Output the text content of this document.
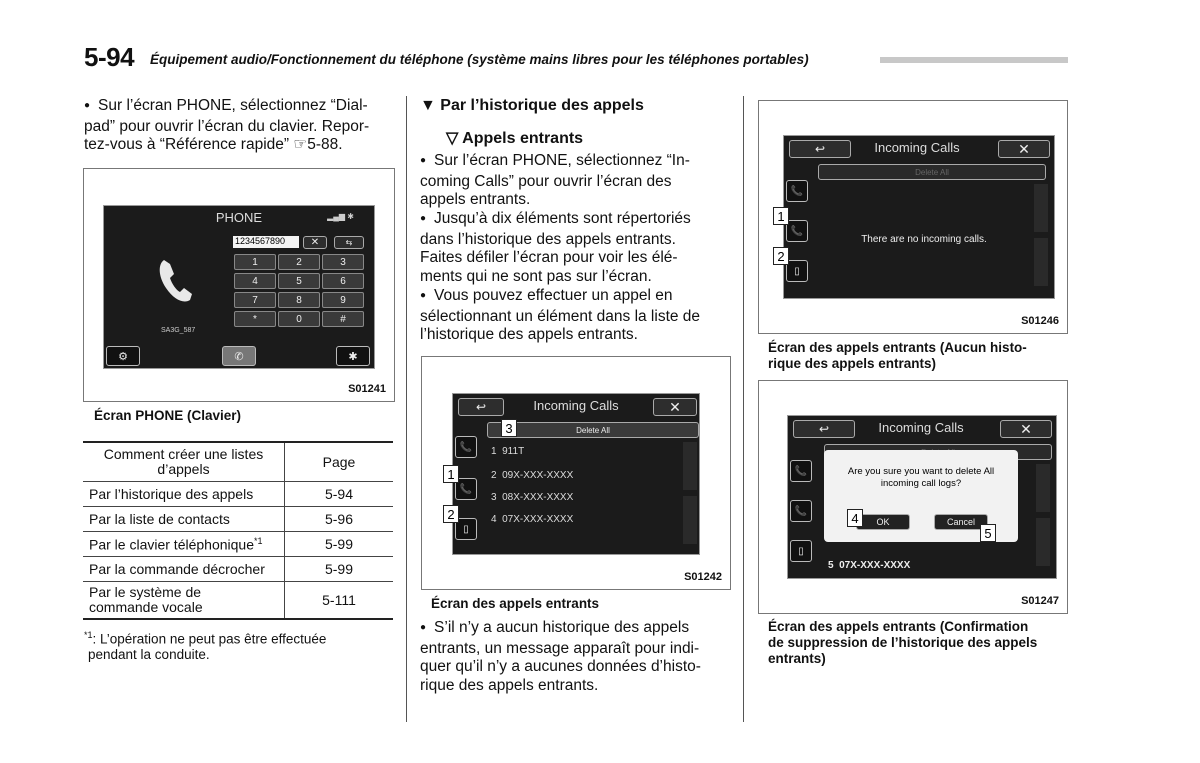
5-94 Équipement audio/Fonctionnement du téléphone (système mains libres pour les téléphones portables)
● Sur l’écran PHONE, sélectionnez “Dial-
pad” pour ouvrir l’écran du clavier. Repor-
tez-vous à “Référence rapide” ☞5-88.
PHONE	▂▄▆ ✱
SA3G_587
1234567890	✕	⇆
1	2	3
4	5	6
7	8	9
*	0	#
⚙	✆	✱
S01241
Écran PHONE (Clavier)
Comment créer une listes
d’appels	Page
Par l’historique des appels	5-94
Par la liste de contacts	5-96
Par le clavier téléphonique$^{*1}$	5-99
Par la commande décrocher	5-99

Par le système de
commande vocale	5-111
$^{*1}$: L’opération ne peut pas être effectuée
pendant la conduite.
▼ Par l’historique des appels
▽ Appels entrants
● Sur l’écran PHONE, sélectionnez “In-
coming Calls” pour ouvrir l’écran des
appels entrants.
● Jusqu’à dix éléments sont répertoriés
dans l’historique des appels entrants.
Faites défiler l’écran pour voir les élé-
ments qui ne sont pas sur l’écran.
● Vous pouvez effectuer un appel en
sélectionnant un élément dans la liste de
l’historique des appels entrants.
↩	Incoming Calls	✕
Delete All
📞
📞
▯
1 911T
2 09X-XXX-XXXX
3 08X-XXX-XXXX
4 07X-XXX-XXXX
3
1
2
S01242
Écran des appels entrants
● S’il n’y a aucun historique des appels
entrants, un message apparaît pour indi-
quer qu’il n’y a aucunes données d’histo-
rique des appels entrants.
↩	Incoming Calls	✕
Delete All
📞
📞
▯
There are no incoming calls.
1
2
S01246
Écran des appels entrants (Aucun histo-
rique des appels entrants)
↩	Incoming Calls	✕
📞
📞
▯
5 07X-XXX-XXXX
Are you sure you want to delete All
incoming call logs?
OK	Cancel
4
5
S01247
Écran des appels entrants (Confirmation
de suppression de l’historique des appels
entrants)
